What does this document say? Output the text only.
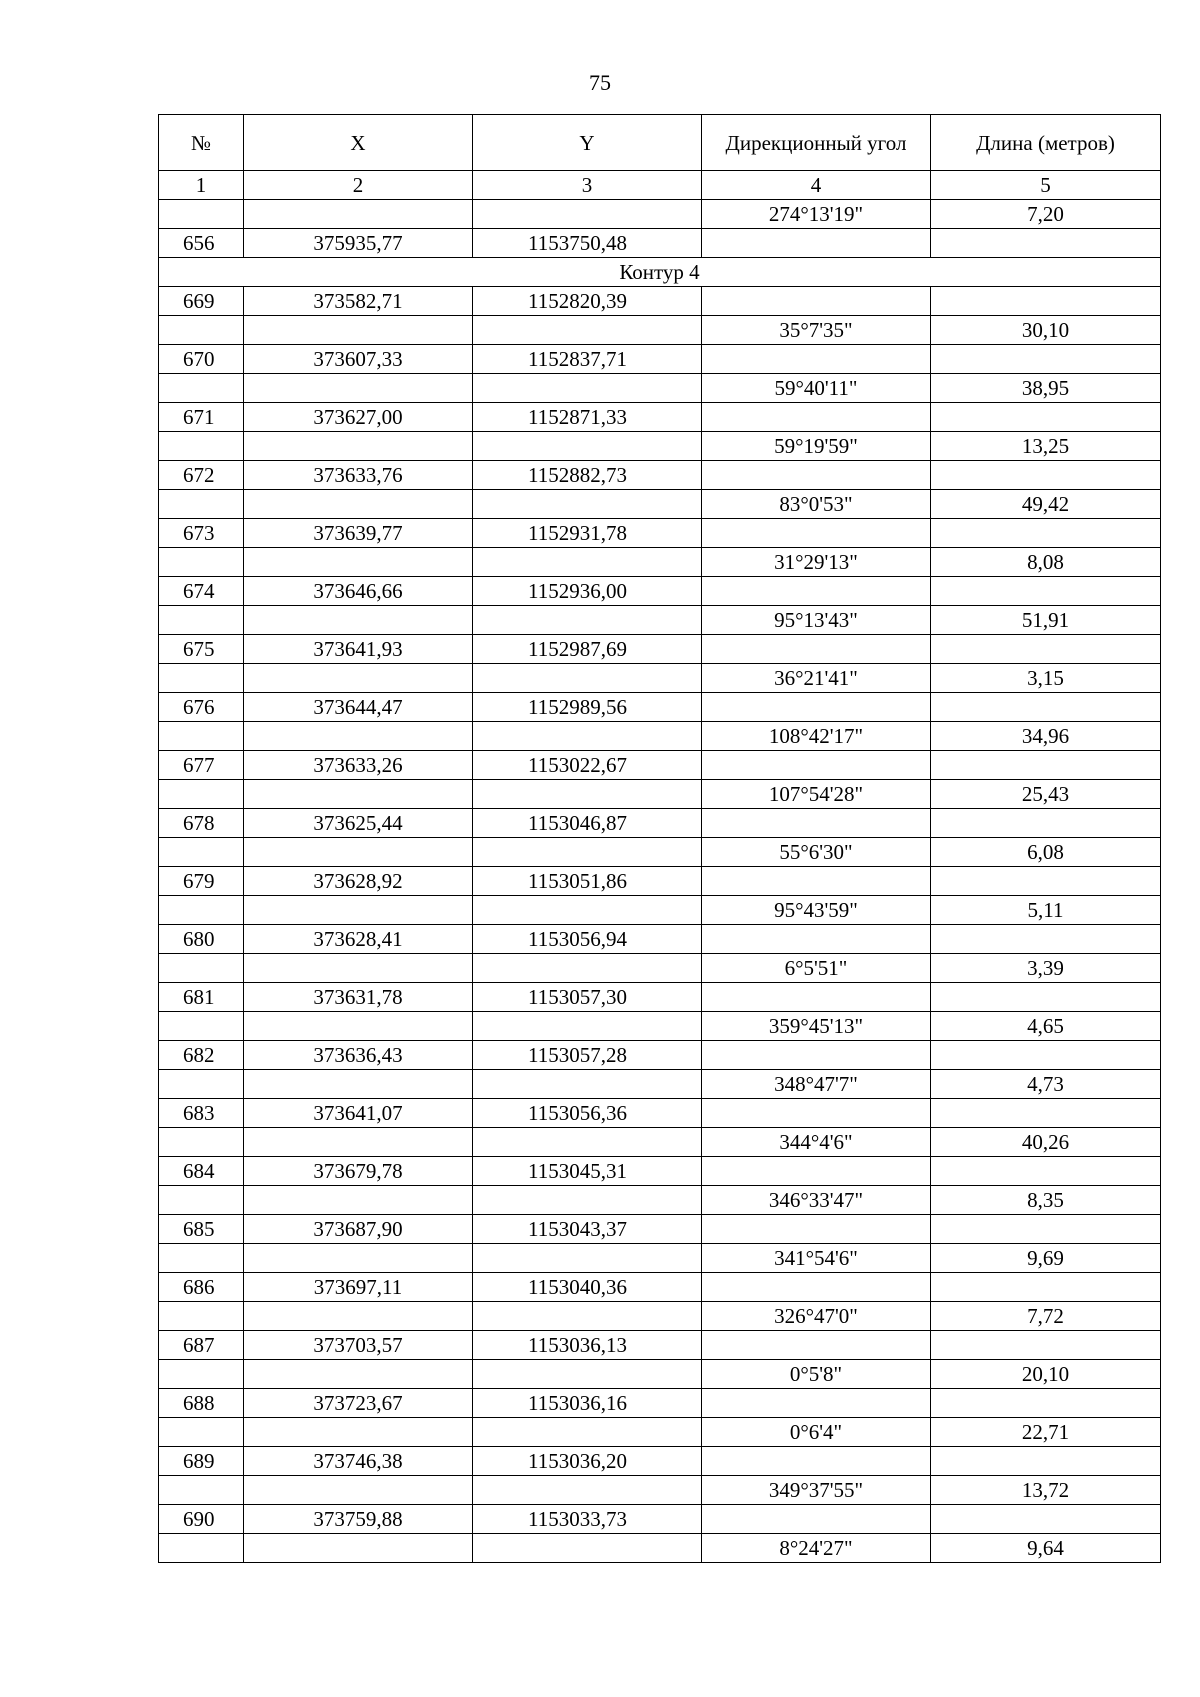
75
№	X	Y	Дирекционный угол	Длина (метров)
1	2	3	4	5
			274°13'19"	7,20
656	375935,77	1153750,48		
Контур 4				
669	373582,71	1152820,39		
			35°7'35"	30,10
670	373607,33	1152837,71		
			59°40'11"	38,95
671	373627,00	1152871,33		
			59°19'59"	13,25
672	373633,76	1152882,73		
			83°0'53"	49,42
673	373639,77	1152931,78		
			31°29'13"	8,08
674	373646,66	1152936,00		
			95°13'43"	51,91
675	373641,93	1152987,69		
			36°21'41"	3,15
676	373644,47	1152989,56		
			108°42'17"	34,96
677	373633,26	1153022,67		
			107°54'28"	25,43
678	373625,44	1153046,87		
			55°6'30"	6,08
679	373628,92	1153051,86		
			95°43'59"	5,11
680	373628,41	1153056,94		
			6°5'51"	3,39
681	373631,78	1153057,30		
			359°45'13"	4,65
682	373636,43	1153057,28		
			348°47'7"	4,73
683	373641,07	1153056,36		
			344°4'6"	40,26
684	373679,78	1153045,31		
			346°33'47"	8,35
685	373687,90	1153043,37		
			341°54'6"	9,69
686	373697,11	1153040,36		
			326°47'0"	7,72
687	373703,57	1153036,13		
			0°5'8"	20,10
688	373723,67	1153036,16		
			0°6'4"	22,71
689	373746,38	1153036,20		
			349°37'55"	13,72
690	373759,88	1153033,73		
			8°24'27"	9,64
